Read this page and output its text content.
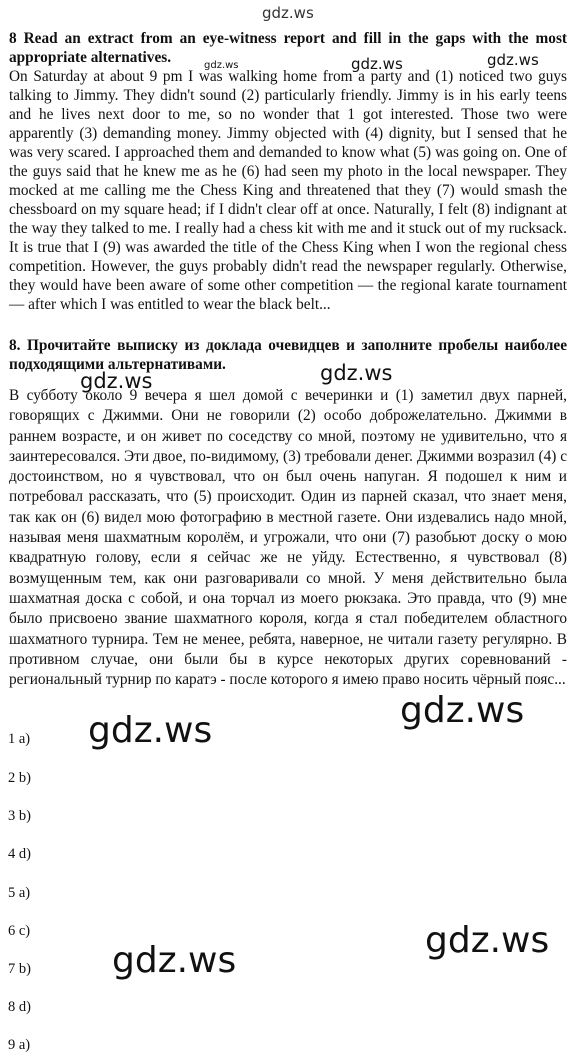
8 Read an extract from an eye-witness report and fill in the gaps with the most appropriate alternatives.

On Saturday at about 9 pm I was walking home from a party and (1) noticed two guys talking to Jimmy. They didn't sound (2) particularly friendly. Jimmy is in his early teens and he lives next door to me, so no wonder that 1 got interested. Those two were apparently (3) demanding money. Jimmy objected with (4) dignity, but I sensed that he was very scared. I approached them and demanded to know what (5) was going on. One of the guys said that he knew me as he (6) had seen my photo in the local newspaper. They mocked at me calling me the Chess King and threatened that they (7) would smash the chessboard on my square head; if I didn't clear off at once. Naturally, I felt (8) indignant at the way they talked to me. I really had a chess kit with me and it stuck out of my rucksack. It is true that I (9) was awarded the title of the Chess King when I won the regional chess competition. However, the guys probably didn't read the newspaper regularly. Otherwise, they would have been aware of some other competition — the regional karate tournament — after which I was entitled to wear the black belt...

8. Прочитайте выписку из доклада очевидцев и заполните пробелы наиболее подходящими альтернативами.

В субботу около 9 вечера я шел домой с вечеринки и (1) заметил двух парней, говорящих с Джимми. Они не говорили (2) особо доброжелательно. Джимми в раннем возрасте, и он живет по соседству со мной, поэтому не удивительно, что я заинтересовался. Эти двое, по-видимому, (3) требовали денег. Джимми возразил (4) с достоинством, но я чувствовал, что он был очень напуган. Я подошел к ним и потребовал рассказать, что (5) происходит. Один из парней сказал, что знает меня, так как он (6) видел мою фотографию в местной газете. Они издевались надо мной, называя меня шахматным королём, и угрожали, что они (7) разобьют доску о мою квадратную голову, если я сейчас же не уйду. Естественно, я чувствовал (8) возмущенным тем, как они разговаривали со мной. У меня действительно была шахматная доска с собой, и она торчал из моего рюкзака. Это правда, что (9) мне было присвоено звание шахматного короля, когда я стал победителем областного шахматного турнира. Тем не менее, ребята, наверное, не читали газету регулярно. В противном случае, они были бы в курсе некоторых других соревнований - региональный турнир по каратэ - после которого я имею право носить чёрный пояс...

1 a)
2 b)
3 b)
4 d)
5 a)
6 c)
7 b)
8 d)
9 a)
gdz.ws
gdz.ws	gdz.ws	gdz.ws
gdz.ws	gdz.ws
gdz.ws
gdz.ws
gdz.ws
gdz.ws
